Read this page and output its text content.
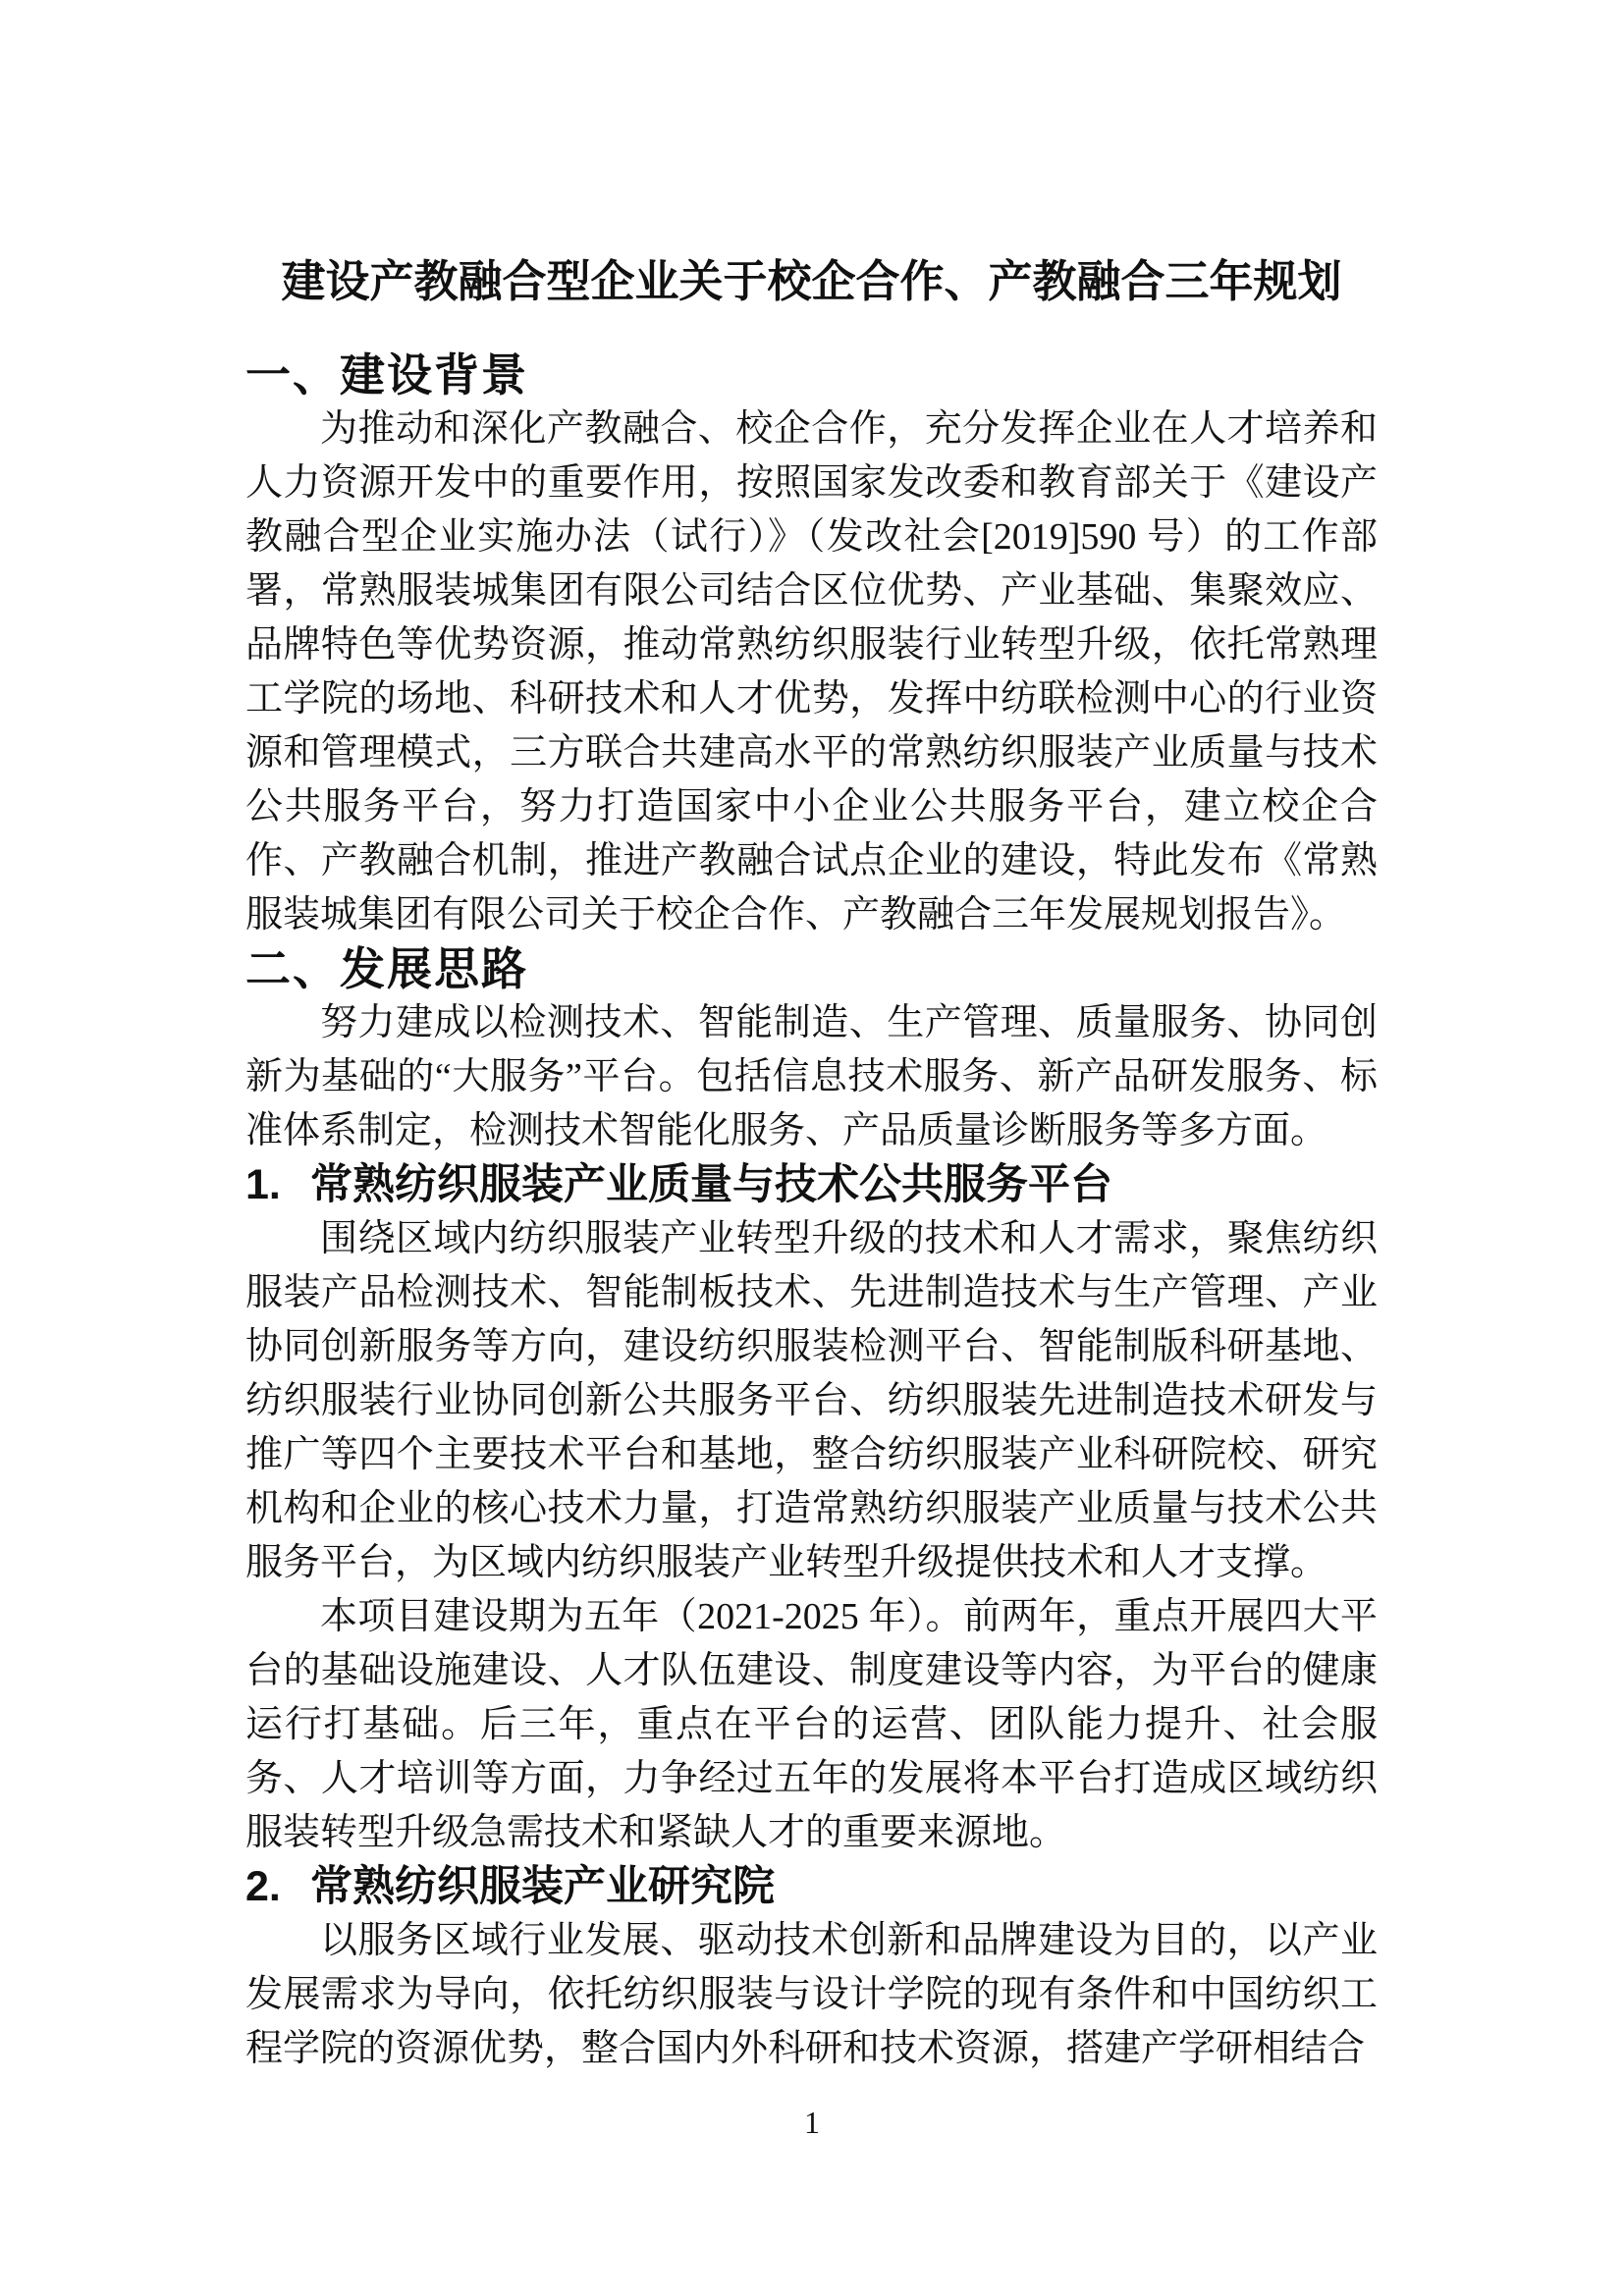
建设产教融合型企业关于校企合作、产教融合三年规划
一、建设背景

为推动和深化产教融合、校企合作，充分发挥企业在人才培养和人力资源开发中的重要作用，按照国家发改委和教育部关于《建设产教融合型企业实施办法（试行）》（发改社会[2019]590 号）的工作部署，常熟服装城集团有限公司结合区位优势、产业基础、集聚效应、品牌特色等优势资源，推动常熟纺织服装行业转型升级，依托常熟理工学院的场地、科研技术和人才优势，发挥中纺联检测中心的行业资源和管理模式，三方联合共建高水平的常熟纺织服装产业质量与技术公共服务平台，努力打造国家中小企业公共服务平台，建立校企合作、产教融合机制，推进产教融合试点企业的建设，特此发布《常熟服装城集团有限公司关于校企合作、产教融合三年发展规划报告》。

二、发展思路

努力建成以检测技术、智能制造、生产管理、质量服务、协同创新为基础的“大服务”平台。包括信息技术服务、新产品研发服务、标准体系制定，检测技术智能化服务、产品质量诊断服务等多方面。

1. 常熟纺织服装产业质量与技术公共服务平台

围绕区域内纺织服装产业转型升级的技术和人才需求，聚焦纺织服装产品检测技术、智能制板技术、先进制造技术与生产管理、产业协同创新服务等方向，建设纺织服装检测平台、智能制版科研基地、纺织服装行业协同创新公共服务平台、纺织服装先进制造技术研发与推广等四个主要技术平台和基地，整合纺织服装产业科研院校、研究机构和企业的核心技术力量，打造常熟纺织服装产业质量与技术公共服务平台，为区域内纺织服装产业转型升级提供技术和人才支撑。

本项目建设期为五年（2021-2025 年）。前两年，重点开展四大平台的基础设施建设、人才队伍建设、制度建设等内容，为平台的健康运行打基础。后三年，重点在平台的运营、团队能力提升、社会服务、人才培训等方面，力争经过五年的发展将本平台打造成区域纺织服装转型升级急需技术和紧缺人才的重要来源地。

2. 常熟纺织服装产业研究院

以服务区域行业发展、驱动技术创新和品牌建设为目的，以产业发展需求为导向，依托纺织服装与设计学院的现有条件和中国纺织工程学院的资源优势，整合国内外科研和技术资源，搭建产学研相结合

1
